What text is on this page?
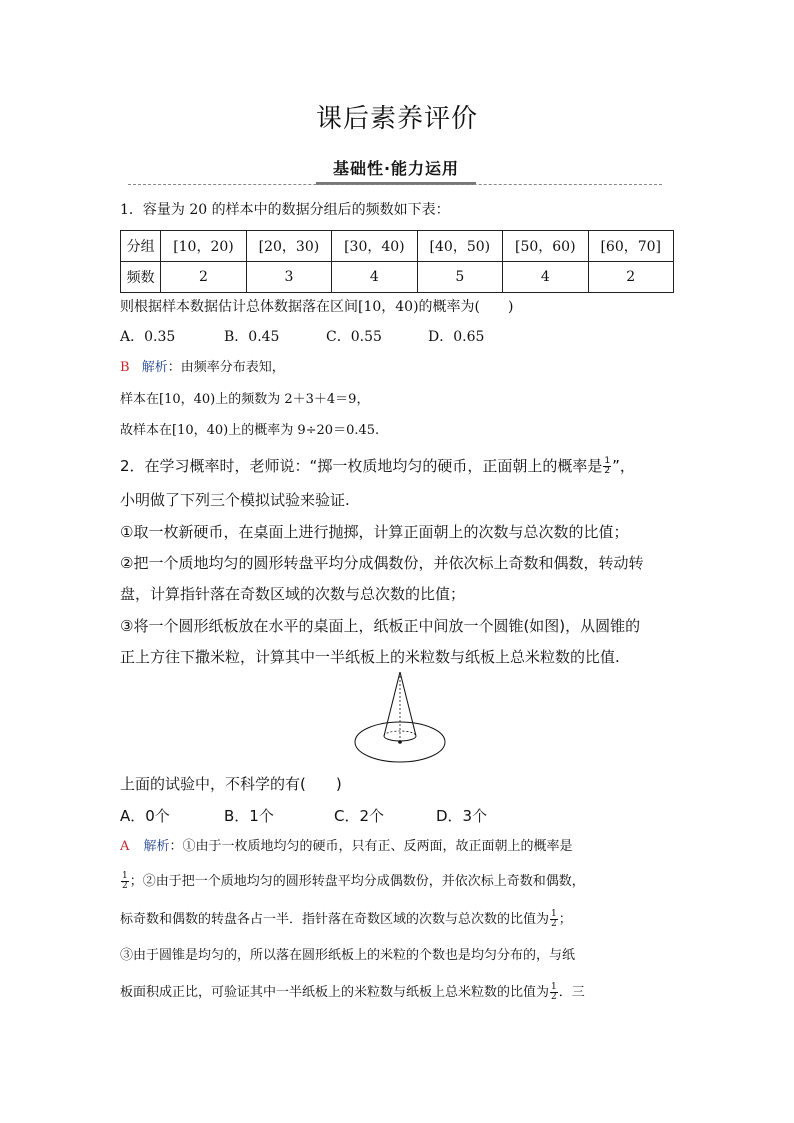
课后素养评价
基础性·能力运用
1．容量为 20 的样本中的数据分组后的频数如下表：
分组	[10，20)	[20，30)	[30，40)	[40，50)	[50，60)	[60，70]
频数	2	3	4	5	4	2
则根据样本数据估计总体数据落在区间[10，40)的概率为(　　)
A．0.35	B．0.45	C．0.55	D．0.65
B 解析：由频率分布表知，
样本在[10，40)上的频数为 2＋3＋4＝9，
故样本在[10，40)上的概率为 9÷20＝0.45.
2．在学习概率时，老师说：“掷一枚质地均匀的硬币，正面朝上的概率是 $\frac{1}{2}$ ”，
小明做了下列三个模拟试验来验证.
①取一枚新硬币，在桌面上进行抛掷，计算正面朝上的次数与总次数的比值；
②把一个质地均匀的圆形转盘平均分成偶数份，并依次标上奇数和偶数，转动转
盘，计算指针落在奇数区域的次数与总次数的比值；
③将一个圆形纸板放在水平的桌面上，纸板正中间放一个圆锥(如图)，从圆锥的
正上方往下撒米粒，计算其中一半纸板上的米粒数与纸板上总米粒数的比值.
上面的试验中，不科学的有(　　)
A．0个	B．1个	C．2个	D．3个
A 解析：①由于一枚质地均匀的硬币，只有正、反两面，故正面朝上的概率是
$\frac{1}{2}$ ；②由于把一个质地均匀的圆形转盘平均分成偶数份，并依次标上奇数和偶数，
标奇数和偶数的转盘各占一半．指针落在奇数区域的次数与总次数的比值为 $\frac{1}{2}$ ；
③由于圆锥是均匀的，所以落在圆形纸板上的米粒的个数也是均匀分布的，与纸
板面积成正比，可验证其中一半纸板上的米粒数与纸板上总米粒数的比值为 $\frac{1}{2}$ ．三
